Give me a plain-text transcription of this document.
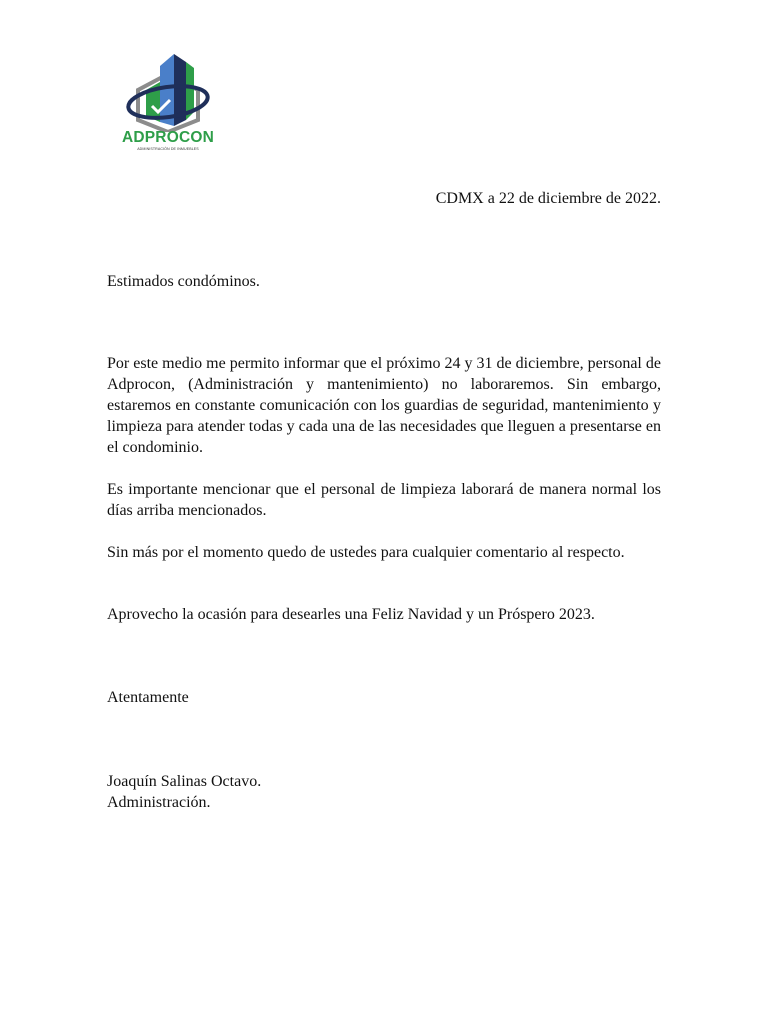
ADPROCON
ADMINISTRACIÓN DE INMUEBLES
CDMX a 22 de diciembre de 2022.
Estimados condóminos.
Por este medio me permito informar que el próximo 24 y 31 de diciembre, personal de Adprocon, (Administración y mantenimiento) no laboraremos. Sin embargo, estaremos en constante comunicación con los guardias de seguridad, mantenimiento y limpieza para atender todas y cada una de las necesidades que lleguen a presentarse en el condominio.
Es importante mencionar que el personal de limpieza laborará de manera normal los días arriba mencionados.
Sin más por el momento quedo de ustedes para cualquier comentario al respecto.
Aprovecho la ocasión para desearles una Feliz Navidad y un Próspero 2023.
Atentamente
Joaquín Salinas Octavo.
Administración.
